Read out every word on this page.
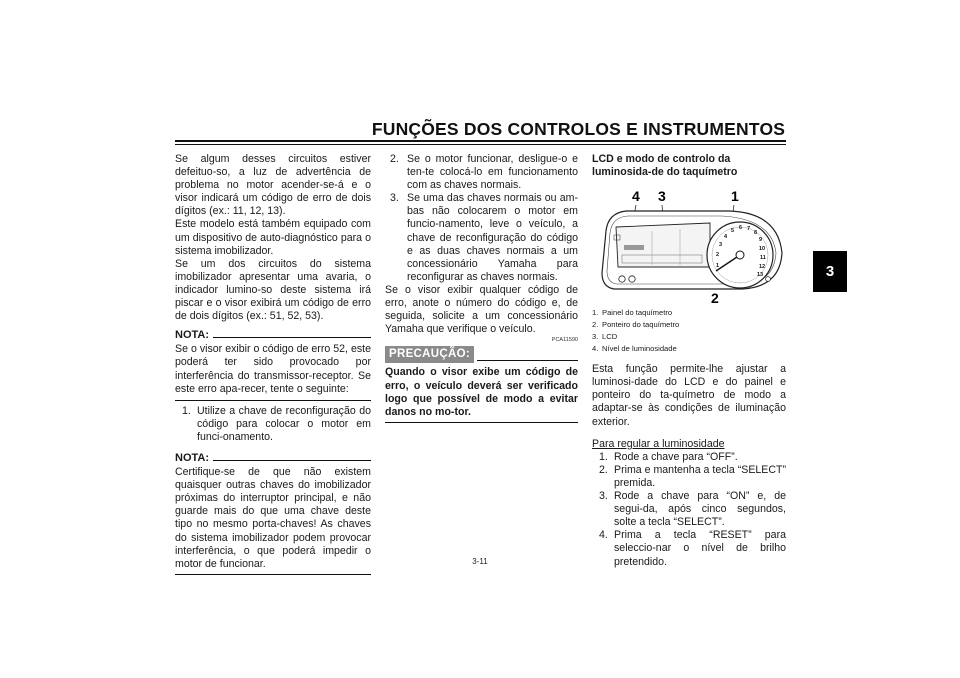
FUNÇÕES DOS CONTROLOS E INSTRUMENTOS
3

Se algum desses circuitos estiver defeituo-so, a luz de advertência de problema no motor acender-se-á e o visor indicará um código de erro de dois dígitos (ex.: 11, 12, 13).

Este modelo está também equipado com um dispositivo de auto-diagnóstico para o sistema imobilizador.

Se um dos circuitos do sistema imobilizador apresentar uma avaria, o indicador lumino-so deste sistema irá piscar e o visor exibirá um código de erro de dois dígitos (ex.: 51, 52, 53).

NOTA:

Se o visor exibir o código de erro 52, este poderá ter sido provocado por interferência do transmissor-receptor. Se este erro apa-recer, tente o seguinte:

1. Utilize a chave de reconfiguração do código para colocar o motor em funci-onamento.
NOTA:

Certifique-se de que não existem quaisquer outras chaves do imobilizador próximas do interruptor principal, e não guarde mais do que uma chave deste tipo no mesmo porta-chaves! As chaves do sistema imobilizador podem provocar interferência, o que poderá impedir o motor de funcionar.

2. Se o motor funcionar, desligue-o e ten-te colocá-lo em funcionamento com as chaves normais.
3. Se uma das chaves normais ou am-bas não colocarem o motor em funcio-namento, leve o veículo, a chave de reconfiguração do código e as duas chaves normais a um concessionário Yamaha para reconfigurar as chaves normais.

Se o visor exibir qualquer código de erro, anote o número do código e, de seguida, solicite a um concessionário Yamaha que verifique o veículo.

PCA11590
PRECAUÇÃO:

Quando o visor exibe um código de erro, o veículo deverá ser verificado logo que possível de modo a evitar danos no mo-tor.

LCD e modo de controlo da luminosida-de do taquímetro

4 3	1
2
1
2
3
4
5 6 7
8
9
10
11
12
13
1. Painel do taquímetro
2. Ponteiro do taquímetro
3. LCD
4. Nível de luminosidade

Esta função permite-lhe ajustar a luminosi-dade do LCD e do painel e ponteiro do ta-químetro de modo a adaptar-se às condições de iluminação exterior.

Para regular a luminosidade
1. Rode a chave para “OFF”.
2. Prima e mantenha a tecla “SELECT” premida.
3. Rode a chave para “ON” e, de segui-da, após cinco segundos, solte a tecla “SELECT”.
4. Prima a tecla “RESET” para seleccio-nar o nível de brilho pretendido.
3-11
